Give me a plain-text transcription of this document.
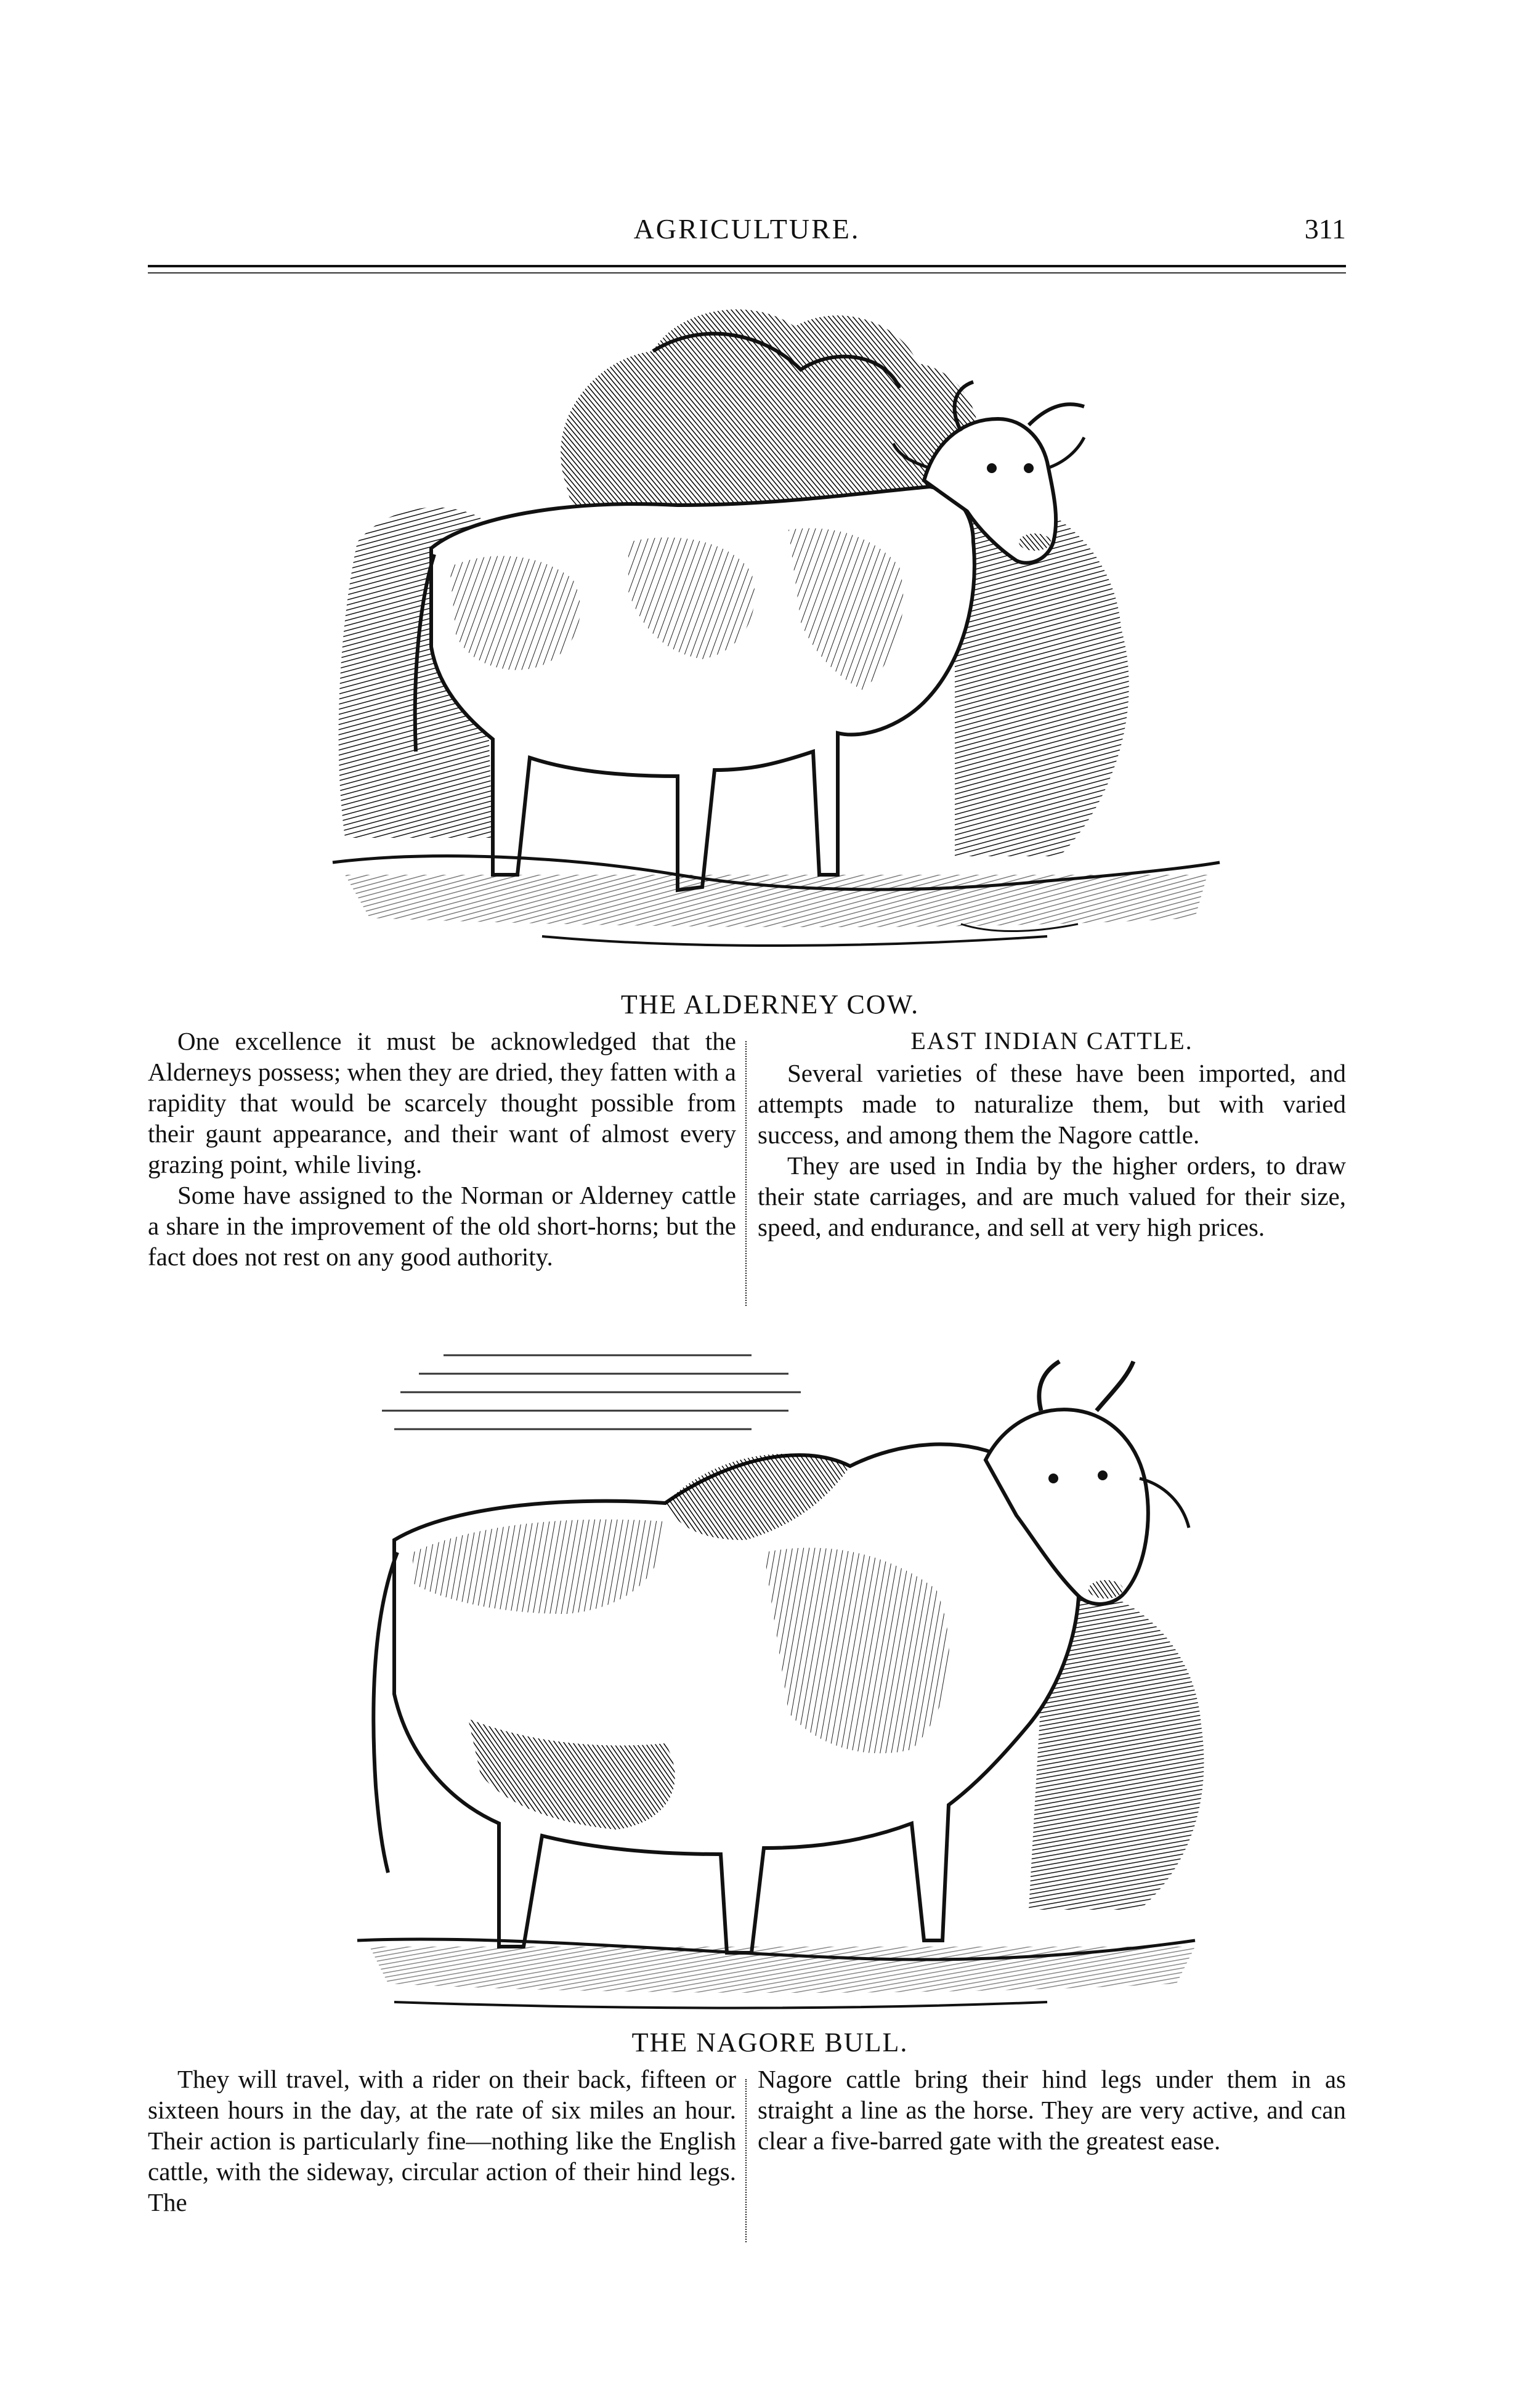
AGRICULTURE.	311
THE ALDERNEY COW.

One excellence it must be acknowledged that the Alderneys possess; when they are dried, they fatten with a rapidity that would be scarcely thought possible from their gaunt appearance, and their want of almost every grazing point, while living.

Some have assigned to the Norman or Alderney cattle a share in the improvement of the old short-horns; but the fact does not rest on any good authority.

EAST INDIAN CATTLE.

Several varieties of these have been imported, and attempts made to naturalize them, but with varied success, and among them the Nagore cattle.

They are used in India by the higher orders, to draw their state carriages, and are much valued for their size, speed, and endurance, and sell at very high prices.

THE NAGORE BULL.

They will travel, with a rider on their back, fifteen or sixteen hours in the day, at the rate of six miles an hour. Their action is particularly fine—nothing like the English cattle, with the sideway, circular action of their hind legs. The

Nagore cattle bring their hind legs under them in as straight a line as the horse. They are very active, and can clear a five-barred gate with the greatest ease.
